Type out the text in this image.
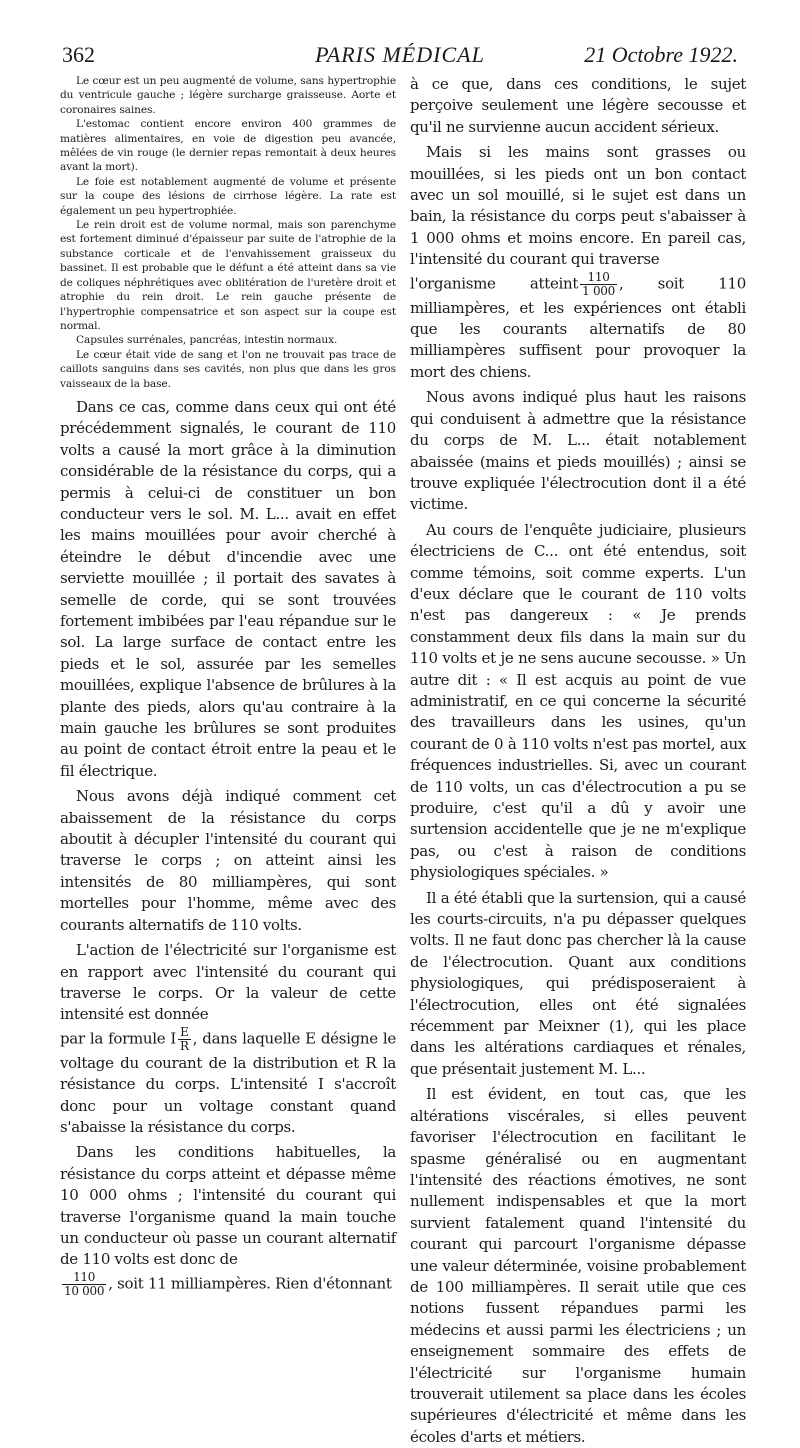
362	PARIS MÉDICAL	21 Octobre 1922.

Le cœur est un peu augmenté de volume, sans hypertrophie du ventricule gauche ; légère surcharge graisseuse. Aorte et coronaires saines.

L'estomac contient encore environ 400 grammes de matières alimentaires, en voie de digestion peu avancée, mêlées de vin rouge (le dernier repas remontait à deux heures avant la mort).

Le foie est notablement augmenté de volume et présente sur la coupe des lésions de cirrhose légère. La rate est également un peu hypertrophiée.

Le rein droit est de volume normal, mais son parenchyme est fortement diminué d'épaisseur par suite de l'atrophie de la substance corticale et de l'envahissement graisseux du bassinet. Il est probable que le défunt a été atteint dans sa vie de coliques néphrétiques avec oblitération de l'uretère droit et atrophie du rein droit. Le rein gauche présente de l'hypertrophie compensatrice et son aspect sur la coupe est normal.

Capsules surrénales, pancréas, intestin normaux.

Le cœur était vide de sang et l'on ne trouvait pas trace de caillots sanguins dans ses cavités, non plus que dans les gros vaisseaux de la base.

Dans ce cas, comme dans ceux qui ont été précédemment signalés, le courant de 110 volts a causé la mort grâce à la diminution considérable de la résistance du corps, qui a permis à celui-ci de constituer un bon conducteur vers le sol. M. L... avait en effet les mains mouillées pour avoir cherché à éteindre le début d'incendie avec une serviette mouillée ; il portait des savates à semelle de corde, qui se sont trouvées fortement imbibées par l'eau répandue sur le sol. La large surface de contact entre les pieds et le sol, assurée par les semelles mouillées, explique l'absence de brûlures à la plante des pieds, alors qu'au contraire à la main gauche les brûlures se sont produites au point de contact étroit entre la peau et le fil électrique.

Nous avons déjà indiqué comment cet abaissement de la résistance du corps aboutit à décupler l'intensité du courant qui traverse le corps ; on atteint ainsi les intensités de 80 milliampères, qui sont mortelles pour l'homme, même avec des courants alternatifs de 110 volts.

L'action de l'électricité sur l'organisme est en rapport avec l'intensité du courant qui traverse le corps. Or la valeur de cette intensité est donnée
par la formule I $\frac{E}{R}$ , dans laquelle E désigne le voltage du courant de la distribution et R la résistance du corps. L'intensité I s'accroît donc pour un voltage constant quand s'abaisse la résistance du corps.

Dans les conditions habituelles, la résistance du corps atteint et dépasse même 10 000 ohms ; l'intensité du courant qui traverse l'organisme quand la main touche un conducteur où passe un courant alternatif de 110 volts est donc de
$\frac{110}{10 000}$ , soit 11 milliampères. Rien d'étonnant

à ce que, dans ces conditions, le sujet perçoive seulement une légère secousse et qu'il ne survienne aucun accident sérieux.

Mais si les mains sont grasses ou mouillées, si les pieds ont un bon contact avec un sol mouillé, si le sujet est dans un bain, la résistance du corps peut s'abaisser à 1 000 ohms et moins encore. En pareil cas, l'intensité du courant qui traverse
l'organisme atteint $\frac{110}{1 000}$ , soit 110 milliampères, et les expériences ont établi que les courants alternatifs de 80 milliampères suffisent pour provoquer la mort des chiens.

Nous avons indiqué plus haut les raisons qui conduisent à admettre que la résistance du corps de M. L... était notablement abaissée (mains et pieds mouillés) ; ainsi se trouve expliquée l'électrocution dont il a été victime.

Au cours de l'enquête judiciaire, plusieurs électriciens de C... ont été entendus, soit comme témoins, soit comme experts. L'un d'eux déclare que le courant de 110 volts n'est pas dangereux : « Je prends constamment deux fils dans la main sur du 110 volts et je ne sens aucune secousse. » Un autre dit : « Il est acquis au point de vue administratif, en ce qui concerne la sécurité des travailleurs dans les usines, qu'un courant de 0 à 110 volts n'est pas mortel, aux fréquences industrielles. Si, avec un courant de 110 volts, un cas d'électrocution a pu se produire, c'est qu'il a dû y avoir une surtension accidentelle que je ne m'explique pas, ou c'est à raison de conditions physiologiques spéciales. »

Il a été établi que la surtension, qui a causé les courts-circuits, n'a pu dépasser quelques volts. Il ne faut donc pas chercher là la cause de l'électrocution. Quant aux conditions physiologiques, qui prédisposeraient à l'électrocution, elles ont été signalées récemment par Meixner (1), qui les place dans les altérations cardiaques et rénales, que présentait justement M. L...

Il est évident, en tout cas, que les altérations viscérales, si elles peuvent favoriser l'électrocution en facilitant le spasme généralisé ou en augmentant l'intensité des réactions émotives, ne sont nullement indispensables et que la mort survient fatalement quand l'intensité du courant qui parcourt l'organisme dépasse une valeur déterminée, voisine probablement de 100 milliampères. Il serait utile que ces notions fussent répandues parmi les médecins et aussi parmi les électriciens ; un enseignement sommaire des effets de l'électricité sur l'organisme humain trouverait utilement sa place dans les écoles supérieures d'électricité et même dans les écoles d'arts et métiers.
